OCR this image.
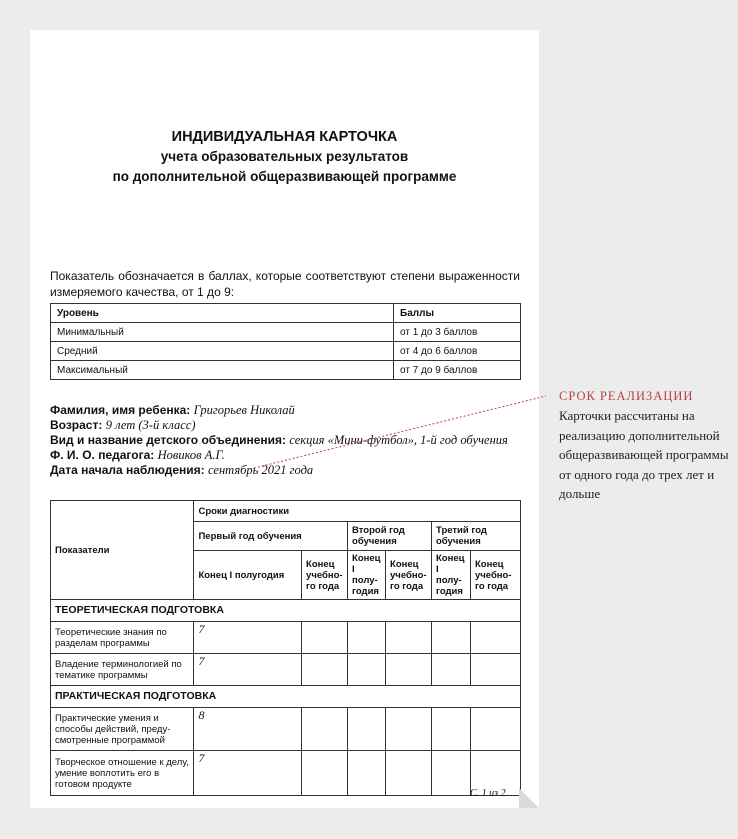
ИНДИВИДУАЛЬНАЯ КАРТОЧКА
учета образовательных результатов
по дополнительной общеразвивающей программе
Показатель обозначается в баллах, которые соответствуют степени выраженности измеряемого качества, от 1 до 9:
Уровень	Баллы
Минимальный	от 1 до 3 баллов
Средний	от 4 до 6 баллов
Максимальный	от 7 до 9 баллов
Фамилия, имя ребенка: Григорьев Николай
Возраст: 9 лет (3-й класс)
Вид и название детского объединения: секция «Мини-футбол», 1-й год обучения
Ф. И. О. педагога: Новиков А.Г.
Дата начала наблюдения: сентябрь 2021 года
Показатели	Сроки диагностики					
	Первый год обучения		Второй год обучения		Третий год обучения	
	Конец I полугодия	Конец учебно-го года	Конец I полу-годия	Конец учебно-го года	Конец I полу-годия	Конец учебно-го года
ТЕОРЕТИЧЕСКАЯ ПОДГОТОВКА						
Теоретические знания по разделам программы	7					
Владение терминологией по тематике программы	7					
ПРАКТИЧЕСКАЯ ПОДГОТОВКА						
Практические умения и способы действий, преду-смотренные программой	8					
Творческое отношение к делу, умение воплотить его в готовом продукте	7					
С. 1 из 2
СРОК РЕАЛИЗАЦИИ
Карточки рассчитаны на реализацию дополнительной общеразвивающей программы от одного года до трех лет и дольше
